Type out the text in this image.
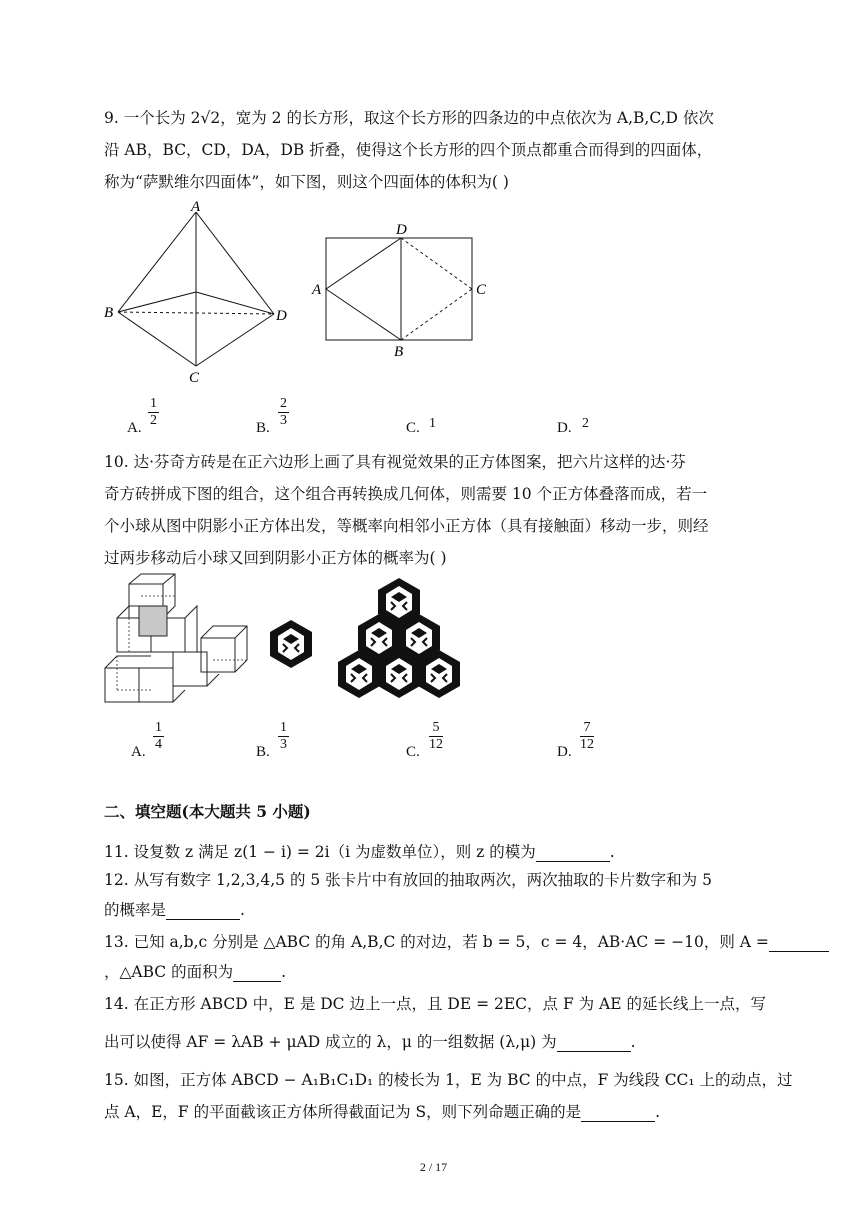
9. 一个长为 2√2，宽为 2 的长方形，取这个长方形的四条边的中点依次为 A,B,C,D 依次
沿 AB，BC，CD，DA，DB 折叠，使得这个长方形的四个顶点都重合而得到的四面体，
称为“萨默维尔四面体”，如下图，则这个四面体的体积为( )
A
B
C
D
D
A	C
B
A. $\frac{1}{2}$	B. $\frac{2}{3}$	C. 1	D. 2
10. 达·芬奇方砖是在正六边形上画了具有视觉效果的正方体图案，把六片这样的达·芬
奇方砖拼成下图的组合，这个组合再转换成几何体，则需要 10 个正方体叠落而成，若一
个小球从图中阴影小正方体出发，等概率向相邻小正方体（具有接触面）移动一步，则经
过两步移动后小球又回到阴影小正方体的概率为( )
A. $\frac{1}{4}$	B. $\frac{1}{3}$	C. $\frac{5}{12}$	D. $\frac{7}{12}$
二、填空题(本大题共 5 小题)
11. 设复数 z 满足 z(1 − i) = 2i（i 为虚数单位），则 z 的模为	.
12. 从写有数字 1,2,3,4,5 的 5 张卡片中有放回的抽取两次，两次抽取的卡片数字和为 5
的概率是	.
13. 已知 a,b,c 分别是 △ABC 的角 A,B,C 的对边，若 b = 5，c = 4，AB·AC = −10，则 A =
，△ABC 的面积为	.
14. 在正方形 ABCD 中，E 是 DC 边上一点，且 DE = 2EC，点 F 为 AE 的延长线上一点，写
出可以使得 AF = λAB + μAD 成立的 λ，μ 的一组数据 (λ,μ) 为	.
15. 如图，正方体 ABCD − A₁B₁C₁D₁ 的棱长为 1，E 为 BC 的中点，F 为线段 CC₁ 上的动点，过
点 A，E，F 的平面截该正方体所得截面记为 S，则下列命题正确的是	.
2 / 17
